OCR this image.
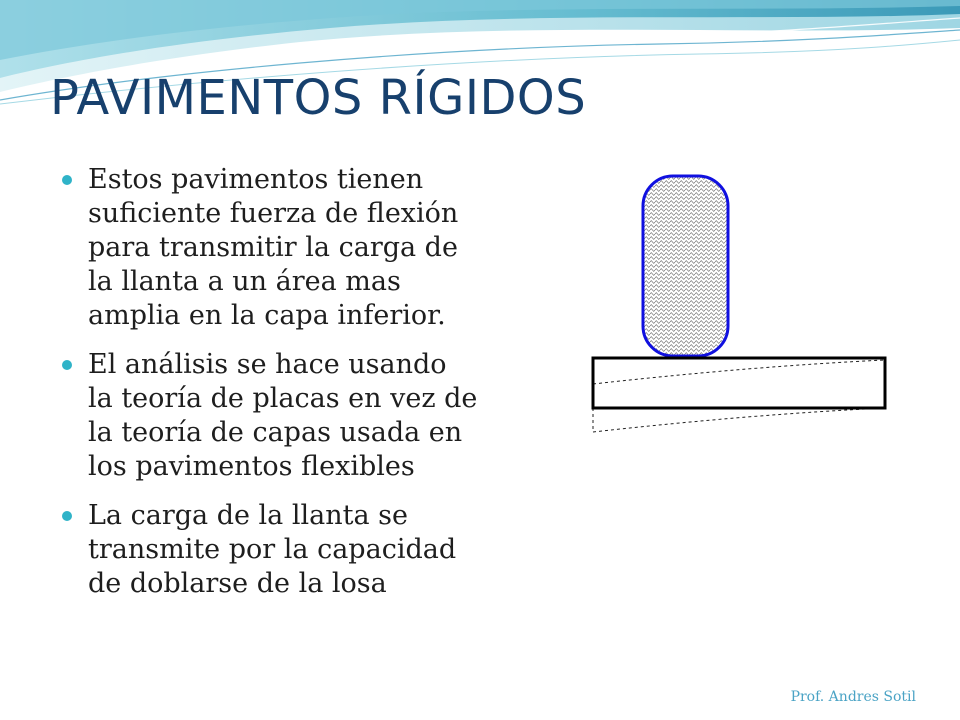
PAVIMENTOS RÍGIDOS
Estos pavimentos tienen
suficiente fuerza de flexión
para transmitir la carga de
la llanta a un área mas
amplia en la capa inferior.
El análisis se hace usando
la teoría de placas en vez de
la teoría de capas usada en
los pavimentos flexibles
La carga de la llanta se
transmite por la capacidad
de doblarse de la losa
Prof. Andres Sotil
